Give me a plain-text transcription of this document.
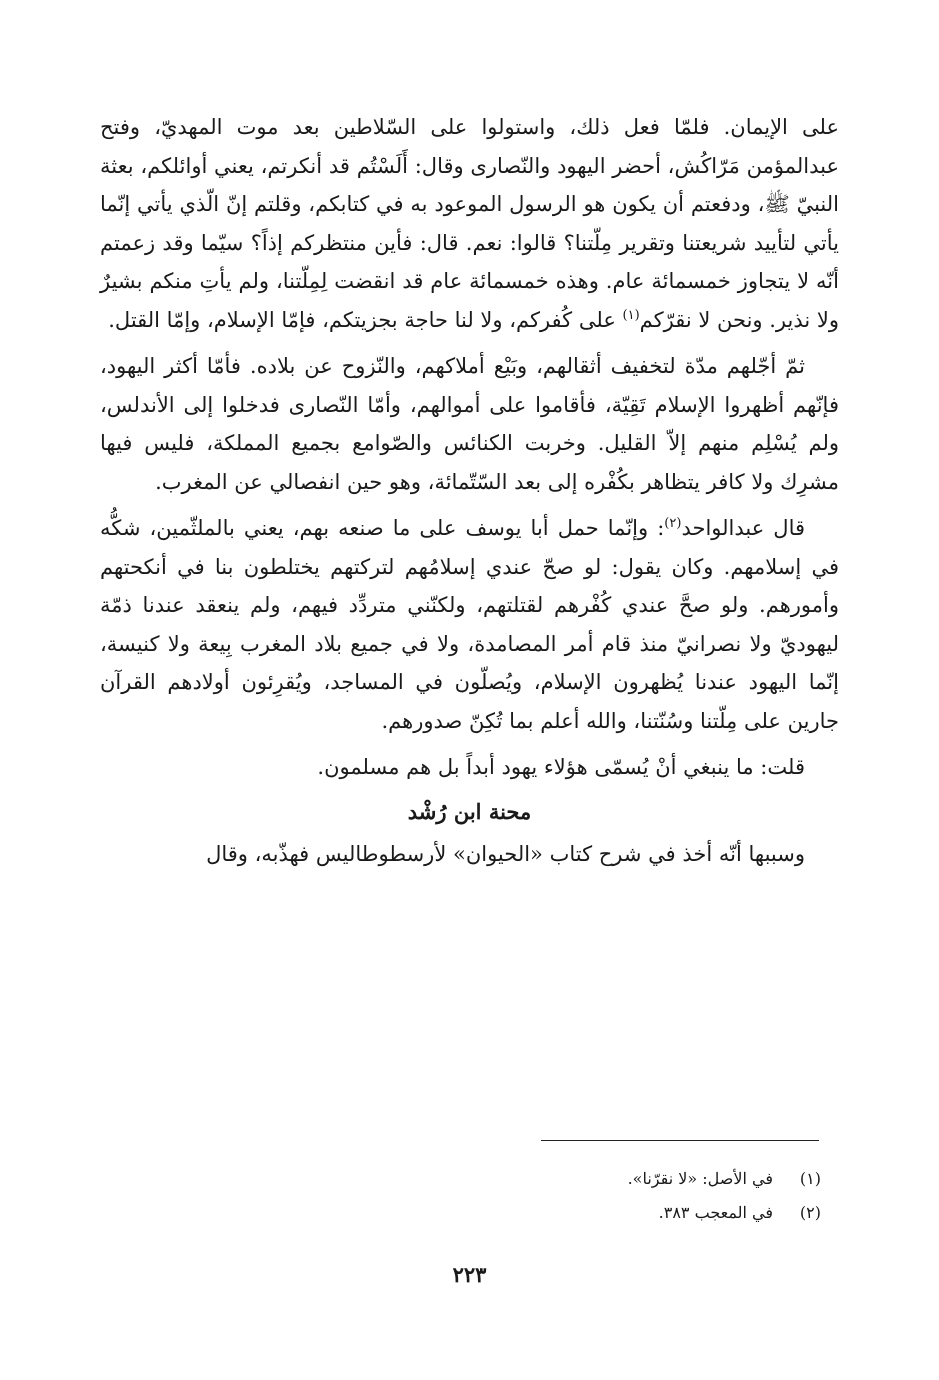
على الإيمان. فلمّا فعل ذلك، واستولوا على السّلاطين بعد موت المهديّ، وفتح عبدالمؤمن مَرّاكُش، أحضر اليهود والنّصارى وقال: أَلَسْتُم قد أنكرتم، يعني أوائلكم، بعثة النبيّ ﷺ، ودفعتم أن يكون هو الرسول الموعود به في كتابكم، وقلتم إنّ الّذي يأتي إنّما يأتي لتأييد شريعتنا وتقرير مِلّتنا؟ قالوا: نعم. قال: فأين منتظركم إذاً؟ سيّما وقد زعمتم أنّه لا يتجاوز خمسمائة عام. وهذه خمسمائة عام قد انقضت لِمِلّتنا، ولم يأتِ منكم بشيرٌ ولا نذير. ونحن لا نقرّكم$^{(١)}$ على كُفركم، ولا لنا حاجة بجزيتكم، فإمّا الإسلام، وإمّا القتل.

ثمّ أجّلهم مدّة لتخفيف أثقالهم، وبَيْع أملاكهم، والنّزوح عن بلاده. فأمّا أكثر اليهود، فإنّهم أظهروا الإسلام تَقِيّة، فأقاموا على أموالهم، وأمّا النّصارى فدخلوا إلى الأندلس، ولم يُسْلِم منهم إلاّ القليل. وخربت الكنائس والصّوامع بجميع المملكة، فليس فيها مشرِك ولا كافر يتظاهر بكُفْره إلى بعد السّتّمائة، وهو حين انفصالي عن المغرب.

قال عبدالواحد$^{(٢)}$: وإنّما حمل أبا يوسف على ما صنعه بهم، يعني بالملثّمين، شكُّه في إسلامهم. وكان يقول: لو صحّ عندي إسلامُهم لتركتهم يختلطون بنا في أنكحتهم وأمورهم. ولو صحَّ عندي كُفْرهم لقتلتهم، ولكنّني متردِّد فيهم، ولم ينعقد عندنا ذمّة ليهوديّ ولا نصرانيّ منذ قام أمر المصامدة، ولا في جميع بلاد المغرب بِيعة ولا كنيسة، إنّما اليهود عندنا يُظهرون الإسلام، ويُصلّون في المساجد، ويُقرِئون أولادهم القرآن جارين على مِلّتنا وسُنّتنا، والله أعلم بما تُكِنّ صدورهم.

قلت: ما ينبغي أنْ يُسمّى هؤلاء يهود أبداً بل هم مسلمون.

محنة ابن رُشْد

وسببها أنّه أخذ في شرح كتاب «الحيوان» لأرسطوطاليس فهذّبه، وقال

(١)
في الأصل: «لا نقرّنا».
(٢)
في المعجب ٣٨٣.
٢٢٣
